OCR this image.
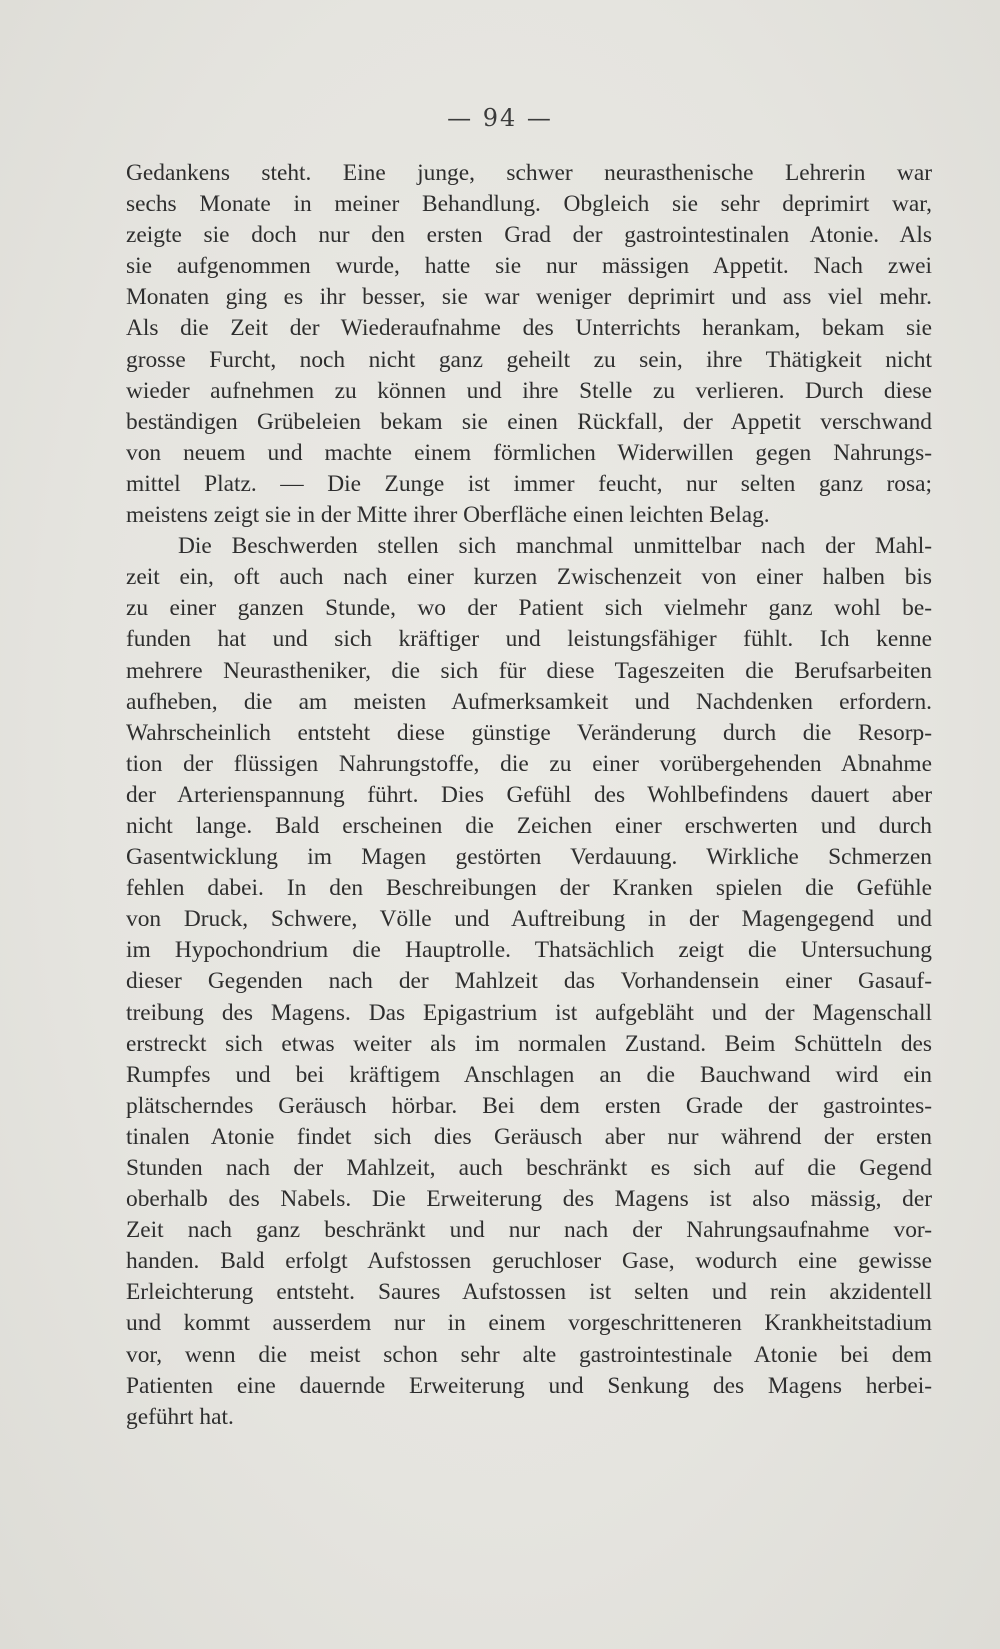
— 94 —
Gedankens steht. Eine junge, schwer neurasthenische Lehrerin war
sechs Monate in meiner Behandlung. Obgleich sie sehr deprimirt war,
zeigte sie doch nur den ersten Grad der gastrointestinalen Atonie. Als
sie aufgenommen wurde, hatte sie nur mässigen Appetit. Nach zwei
Monaten ging es ihr besser, sie war weniger deprimirt und ass viel mehr.
Als die Zeit der Wiederaufnahme des Unterrichts herankam, bekam sie
grosse Furcht, noch nicht ganz geheilt zu sein, ihre Thätigkeit nicht
wieder aufnehmen zu können und ihre Stelle zu verlieren. Durch diese
beständigen Grübeleien bekam sie einen Rückfall, der Appetit verschwand
von neuem und machte einem förmlichen Widerwillen gegen Nahrungs-
mittel Platz. — Die Zunge ist immer feucht, nur selten ganz rosa;
meistens zeigt sie in der Mitte ihrer Oberfläche einen leichten Belag.
Die Beschwerden stellen sich manchmal unmittelbar nach der Mahl-
zeit ein, oft auch nach einer kurzen Zwischenzeit von einer halben bis
zu einer ganzen Stunde, wo der Patient sich vielmehr ganz wohl be-
funden hat und sich kräftiger und leistungsfähiger fühlt. Ich kenne
mehrere Neurastheniker, die sich für diese Tageszeiten die Berufsarbeiten
aufheben, die am meisten Aufmerksamkeit und Nachdenken erfordern.
Wahrscheinlich entsteht diese günstige Veränderung durch die Resorp-
tion der flüssigen Nahrungstoffe, die zu einer vorübergehenden Abnahme
der Arterienspannung führt. Dies Gefühl des Wohlbefindens dauert aber
nicht lange. Bald erscheinen die Zeichen einer erschwerten und durch
Gasentwicklung im Magen gestörten Verdauung. Wirkliche Schmerzen
fehlen dabei. In den Beschreibungen der Kranken spielen die Gefühle
von Druck, Schwere, Völle und Auftreibung in der Magengegend und
im Hypochondrium die Hauptrolle. Thatsächlich zeigt die Untersuchung
dieser Gegenden nach der Mahlzeit das Vorhandensein einer Gasauf-
treibung des Magens. Das Epigastrium ist aufgebläht und der Magenschall
erstreckt sich etwas weiter als im normalen Zustand. Beim Schütteln des
Rumpfes und bei kräftigem Anschlagen an die Bauchwand wird ein
plätscherndes Geräusch hörbar. Bei dem ersten Grade der gastrointes-
tinalen Atonie findet sich dies Geräusch aber nur während der ersten
Stunden nach der Mahlzeit, auch beschränkt es sich auf die Gegend
oberhalb des Nabels. Die Erweiterung des Magens ist also mässig, der
Zeit nach ganz beschränkt und nur nach der Nahrungsaufnahme vor-
handen. Bald erfolgt Aufstossen geruchloser Gase, wodurch eine gewisse
Erleichterung entsteht. Saures Aufstossen ist selten und rein akzidentell
und kommt ausserdem nur in einem vorgeschritteneren Krankheitstadium
vor, wenn die meist schon sehr alte gastrointestinale Atonie bei dem
Patienten eine dauernde Erweiterung und Senkung des Magens herbei-
geführt hat.
